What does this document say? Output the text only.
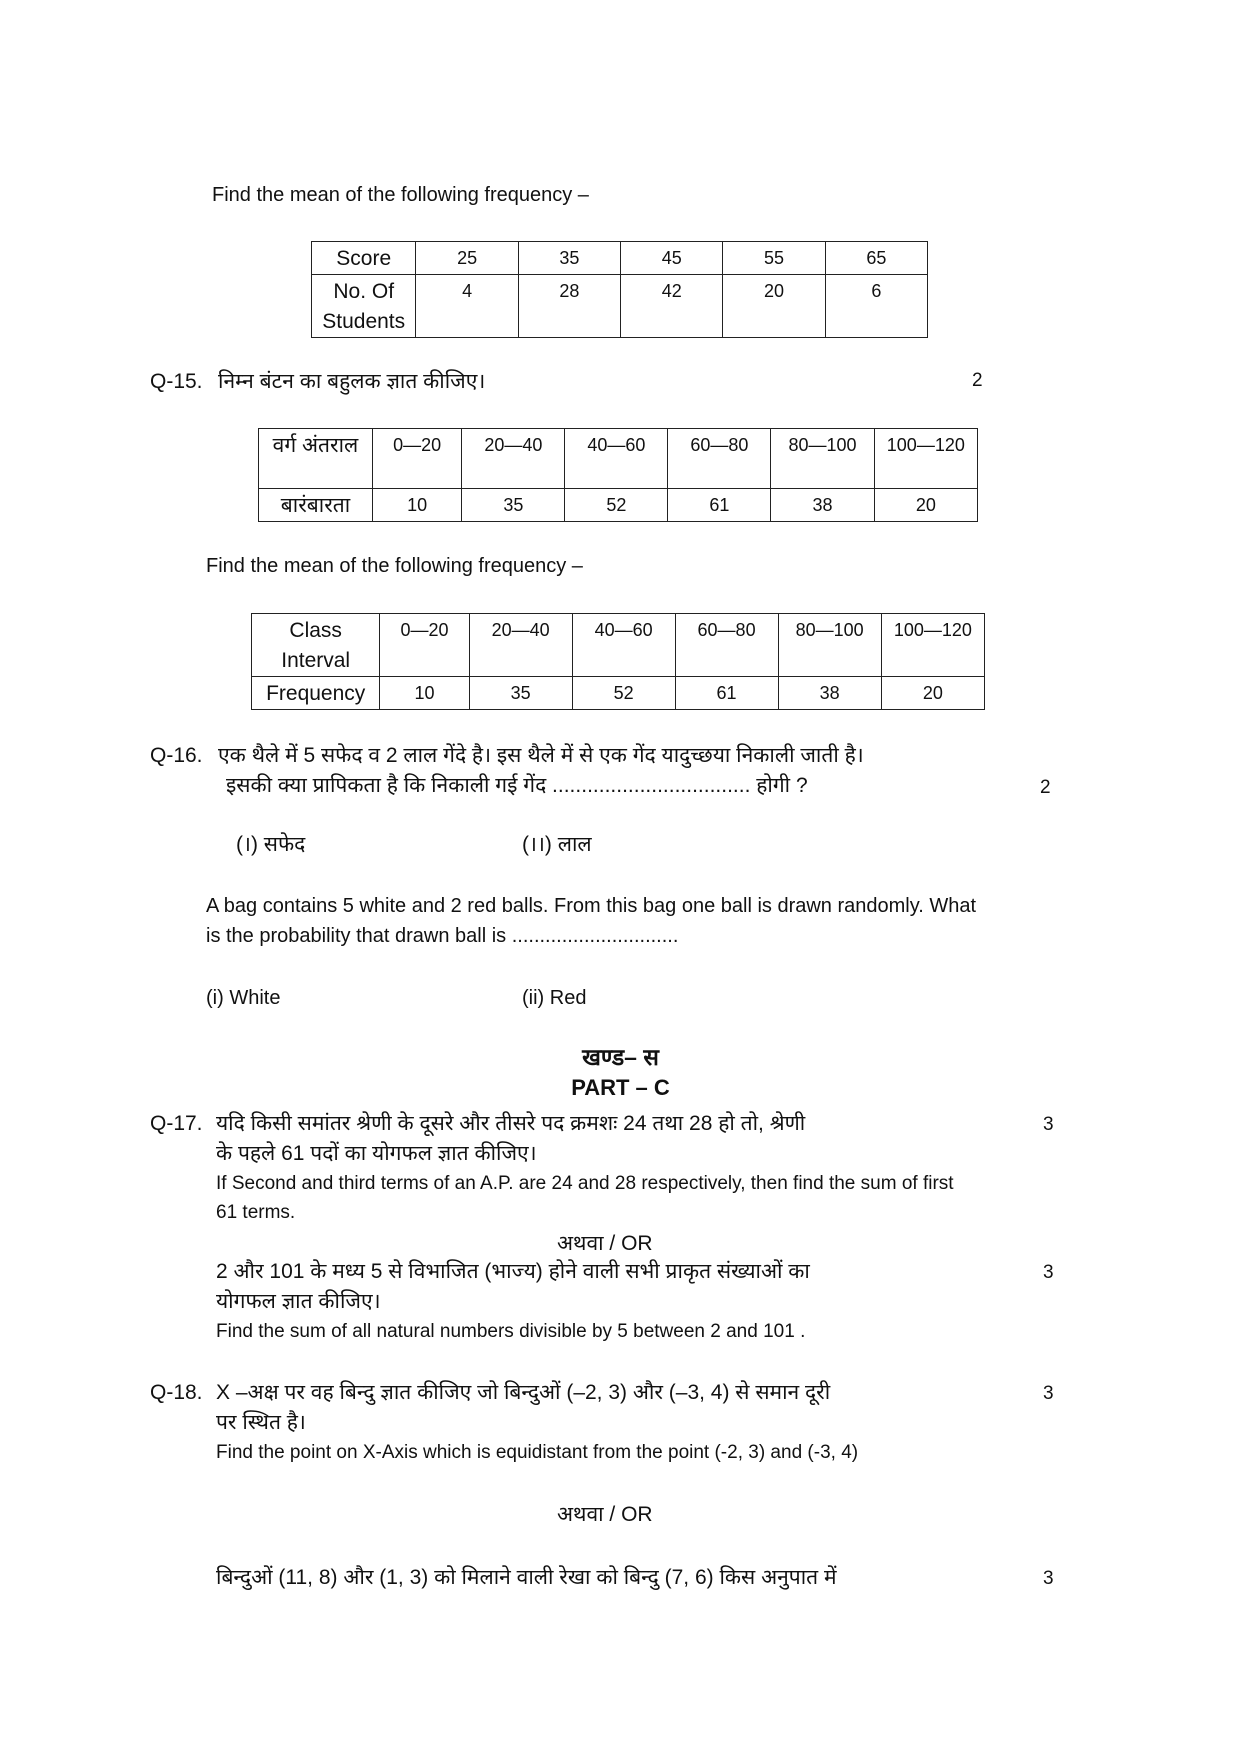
Find the mean of the following frequency –
Score	25	35	45	55	65
No. Of Students	4	28	42	20	6
Q-15. निम्न बंटन का बहुलक ज्ञात कीजिए।	2
वर्ग अंतराल	0—20	20—40	40—60	60—80	80—100	100—120
बारंबारता	10	35	52	61	38	20
Find the mean of the following frequency –
Class Interval	0—20	20—40	40—60	60—80	80—100	100—120
Frequency	10	35	52	61	38	20
Q-16. एक थैले में 5 सफेद व 2 लाल गेंदे है। इस थैले में से एक गेंद यादुच्छया निकाली जाती है।
इसकी क्या प्रापिकता है कि निकाली गई गेंद .................................. होगी ?	2
(।) सफेद	(।।) लाल
A bag contains 5 white and 2 red balls. From this bag one ball is drawn randomly. What
is the probability that drawn ball is ..............................
(i) White	(ii) Red
खण्ड– स
PART – C
Q-17. यदि किसी समांतर श्रेणी के दूसरे और तीसरे पद क्रमशः 24 तथा 28 हो तो, श्रेणी	3
के पहले 61 पदों का योगफल ज्ञात कीजिए।
If Second and third terms of an A.P. are 24 and 28 respectively, then find the sum of first
61 terms.
अथवा / OR
2 और 101 के मध्य 5 से विभाजित (भाज्य) होने वाली सभी प्राकृत संख्याओं का	3
योगफल ज्ञात कीजिए।
Find the sum of all natural numbers divisible by 5 between 2 and 101 .
Q-18. X –अक्ष पर वह बिन्दु ज्ञात कीजिए जो बिन्दुओं (–2, 3) और (–3, 4) से समान दूरी	3
पर स्थित है।
Find the point on X-Axis which is equidistant from the point (-2, 3) and (-3, 4)
अथवा / OR
बिन्दुओं (11, 8) और (1, 3) को मिलाने वाली रेखा को बिन्दु (7, 6) किस अनुपात में	3
